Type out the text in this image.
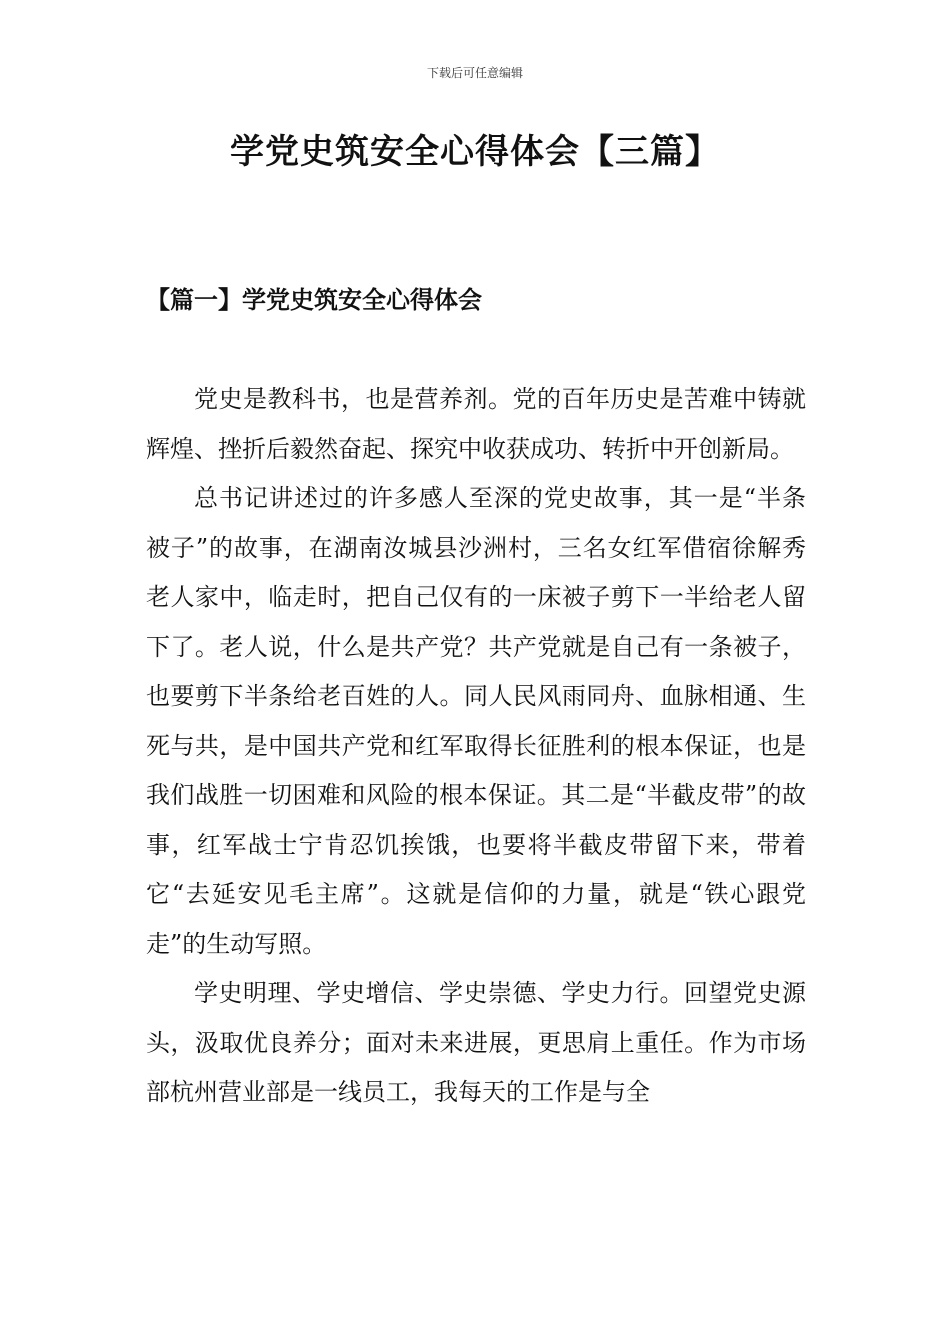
下载后可任意编辑
学党史筑安全心得体会【三篇】
【篇一】学党史筑安全心得体会

党史是教科书，也是营养剂。党的百年历史是苦难中铸就辉煌、挫折后毅然奋起、探究中收获成功、转折中开创新局。

总书记讲述过的许多感人至深的党史故事，其一是“半条被子”的故事，在湖南汝城县沙洲村，三名女红军借宿徐解秀老人家中，临走时，把自己仅有的一床被子剪下一半给老人留下了。老人说，什么是共产党？共产党就是自己有一条被子，也要剪下半条给老百姓的人。同人民风雨同舟、血脉相通、生死与共，是中国共产党和红军取得长征胜利的根本保证，也是我们战胜一切困难和风险的根本保证。其二是“半截皮带”的故事，红军战士宁肯忍饥挨饿，也要将半截皮带留下来，带着它“去延安见毛主席”。这就是信仰的力量，就是“铁心跟党走”的生动写照。

学史明理、学史增信、学史崇德、学史力行。回望党史源头，汲取优良养分；面对未来进展，更思肩上重任。作为市场部杭州营业部是一线员工，我每天的工作是与全
